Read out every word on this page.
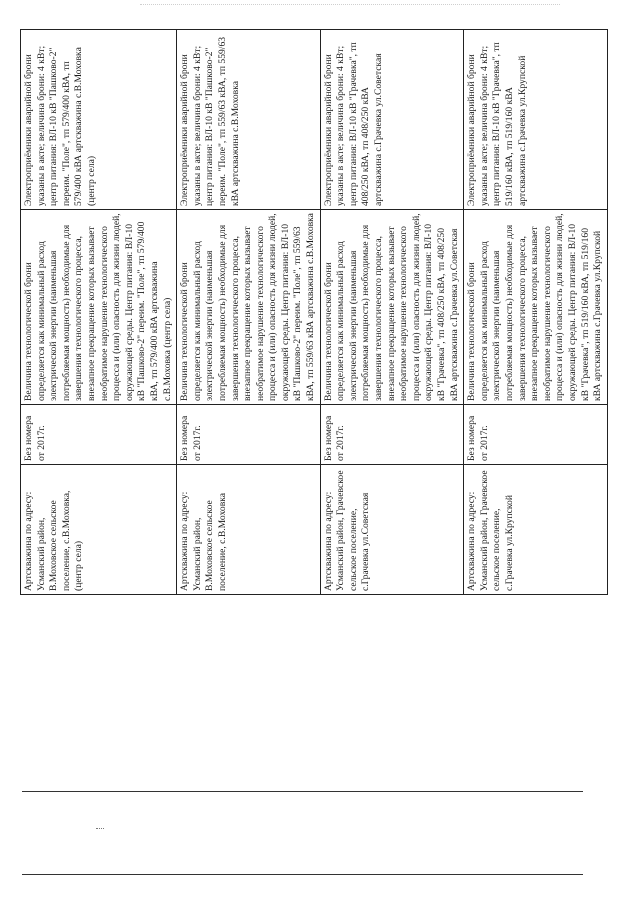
Артскважина по адресу: Усманский район, В.Моховское сельское поселение, с.В.Моховка, (центр села)	Без номера от 2017г.	Величина технологической брони определяется как минимальный расход электрической энергии (наименьшая потребляемая мощность) необходимые для завершения технологического процесса, внезапное прекращение которых вызывает необратимое нарушение технологического процесса и (или) опасность для жизни людей, окружающей среды. Центр питания: ВЛ-10 кВ "Пашково-2" переим. "Поле", тп 579/400 кВА, тп 579/400 кВА артскважина с.В.Моховка (центр села)	Электроприёмники аварийной брони указаны в акте; величина брони: 4 кВт; центр питания: ВЛ-10 кВ "Пашково-2" переим. "Поле", тп 579/400 кВА, тп 579/400 кВА артскважина с.В.Моховка (центр села)
Артскважина по адресу: Усманский район, В.Моховское сельское поселение, с.В.Моховка	Без номера от 2017г.	Величина технологической брони определяется как минимальный расход электрической энергии (наименьшая потребляемая мощность) необходимые для завершения технологического процесса, внезапное прекращение которых вызывает необратимое нарушение технологического процесса и (или) опасность для жизни людей, окружающей среды. Центр питания: ВЛ-10 кВ "Пашково-2" переим. "Поле", тп 559/63 кВА, тп 559/63 кВА артскважина с.В.Моховка	Электроприёмники аварийной брони указаны в акте; величина брони: 4 кВт; центр питания: ВЛ-10 кВ "Пашково-2" переим. "Поле", тп 559/63 кВА, тп 559/63 кВА артскважина с.В.Моховка
Артскважина по адресу: Усманский район, Грачевское сельское поселение, с.Грачевка ул.Советская	Без номера от 2017г.	Величина технологической брони определяется как минимальный расход электрической энергии (наименьшая потребляемая мощность) необходимые для завершения технологического процесса, внезапное прекращение которых вызывает необратимое нарушение технологического процесса и (или) опасность для жизни людей, окружающей среды. Центр питания: ВЛ-10 кВ "Грачевка", тп 408/250 кВА, тп 408/250 кВА артскважина с.Грачевка ул.Советская	Электроприёмники аварийной брони указаны в акте; величина брони: 4 кВт; центр питания: ВЛ-10 кВ "Грачевка", тп 408/250 кВА, тп 408/250 кВА артскважина с.Грачевка ул.Советская
Артскважина по адресу: Усманский район, Грачевское сельское поселение, с.Грачевка ул.Крупской	Без номера от 2017г.	Величина технологической брони определяется как минимальный расход электрической энергии (наименьшая потребляемая мощность) необходимые для завершения технологического процесса, внезапное прекращение которых вызывает необратимое нарушение технологического процесса и (или) опасность для жизни людей, окружающей среды. Центр питания: ВЛ-10 кВ "Грачевка", тп 519/160 кВА, тп 519/160 кВА артскважина с.Грачевка ул.Крупской	Электроприёмники аварийной брони указаны в акте; величина брони: 4 кВт; центр питания: ВЛ-10 кВ "Грачевка", тп 519/160 кВА, тп 519/160 кВА артскважина с.Грачевка ул.Крупской
